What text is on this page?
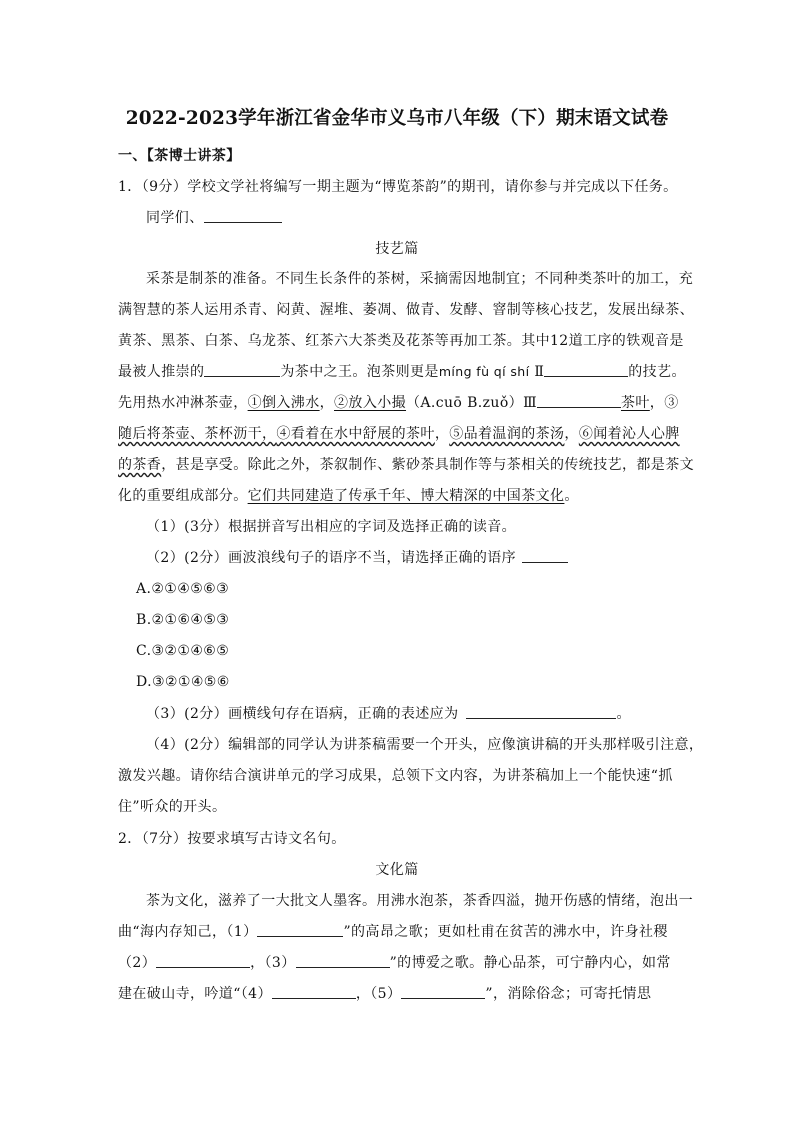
2022-2023学年浙江省金华市义乌市八年级（下）期末语文试卷
一、【茶博士讲茶】
1．（9分）学校文学社将编写一期主题为“博览茶韵”的期刊，请你参与并完成以下任务。
同学们、
技艺篇
采茶是制茶的准备。不同生长条件的茶树，采摘需因地制宜；不同种类茶叶的加工，充
满智慧的茶人运用杀青、闷黄、渥堆、萎凋、做青、发酵、窨制等核心技艺，发展出绿茶、
黄茶、黑茶、白茶、乌龙茶、红茶六大茶类及花茶等再加工茶。其中12道工序的铁观音是
最被人推崇的	为茶中之王。泡茶则更是míng fù qí shí Ⅱ	的技艺。
先用热水冲淋茶壶，①倒入沸水，②放入小撮（A.cuō B.zuǒ）Ⅲ	茶叶，③
随后将茶壶、茶杯沥干，④看着在水中舒展的茶叶，⑤品着温润的茶汤，⑥闻着沁人心脾
的茶香，甚是享受。除此之外，茶叙制作、紫砂茶具制作等与茶相关的传统技艺，都是茶文
化的重要组成部分。它们共同建造了传承千年、博大精深的中国茶文化。
（1）(3分）根据拼音写出相应的字词及选择正确的读音。
（2）(2分）画波浪线句子的语序不当，请选择正确的语序
A.②①④⑤⑥③
B.②①⑥④⑤③
C.③②①④⑥⑤
D.③②①④⑤⑥
（3）(2分）画横线句存在语病，正确的表述应为	。
（4）(2分）编辑部的同学认为讲茶稿需要一个开头，应像演讲稿的开头那样吸引注意，
激发兴趣。请你结合演讲单元的学习成果，总领下文内容，为讲茶稿加上一个能快速“抓
住”听众的开头。
2．（7分）按要求填写古诗文名句。
文化篇
茶为文化，滋养了一大批文人墨客。用沸水泡茶，茶香四溢，抛开伤感的情绪，泡出一
曲“海内存知己，（1）	”的高昂之歌；更如杜甫在贫苦的沸水中，许身社稷
（2）	，（3）	”的博爱之歌。静心品茶，可宁静内心，如常
建在破山寺，吟道“（4）	，（5）	”，消除俗念；可寄托情思
